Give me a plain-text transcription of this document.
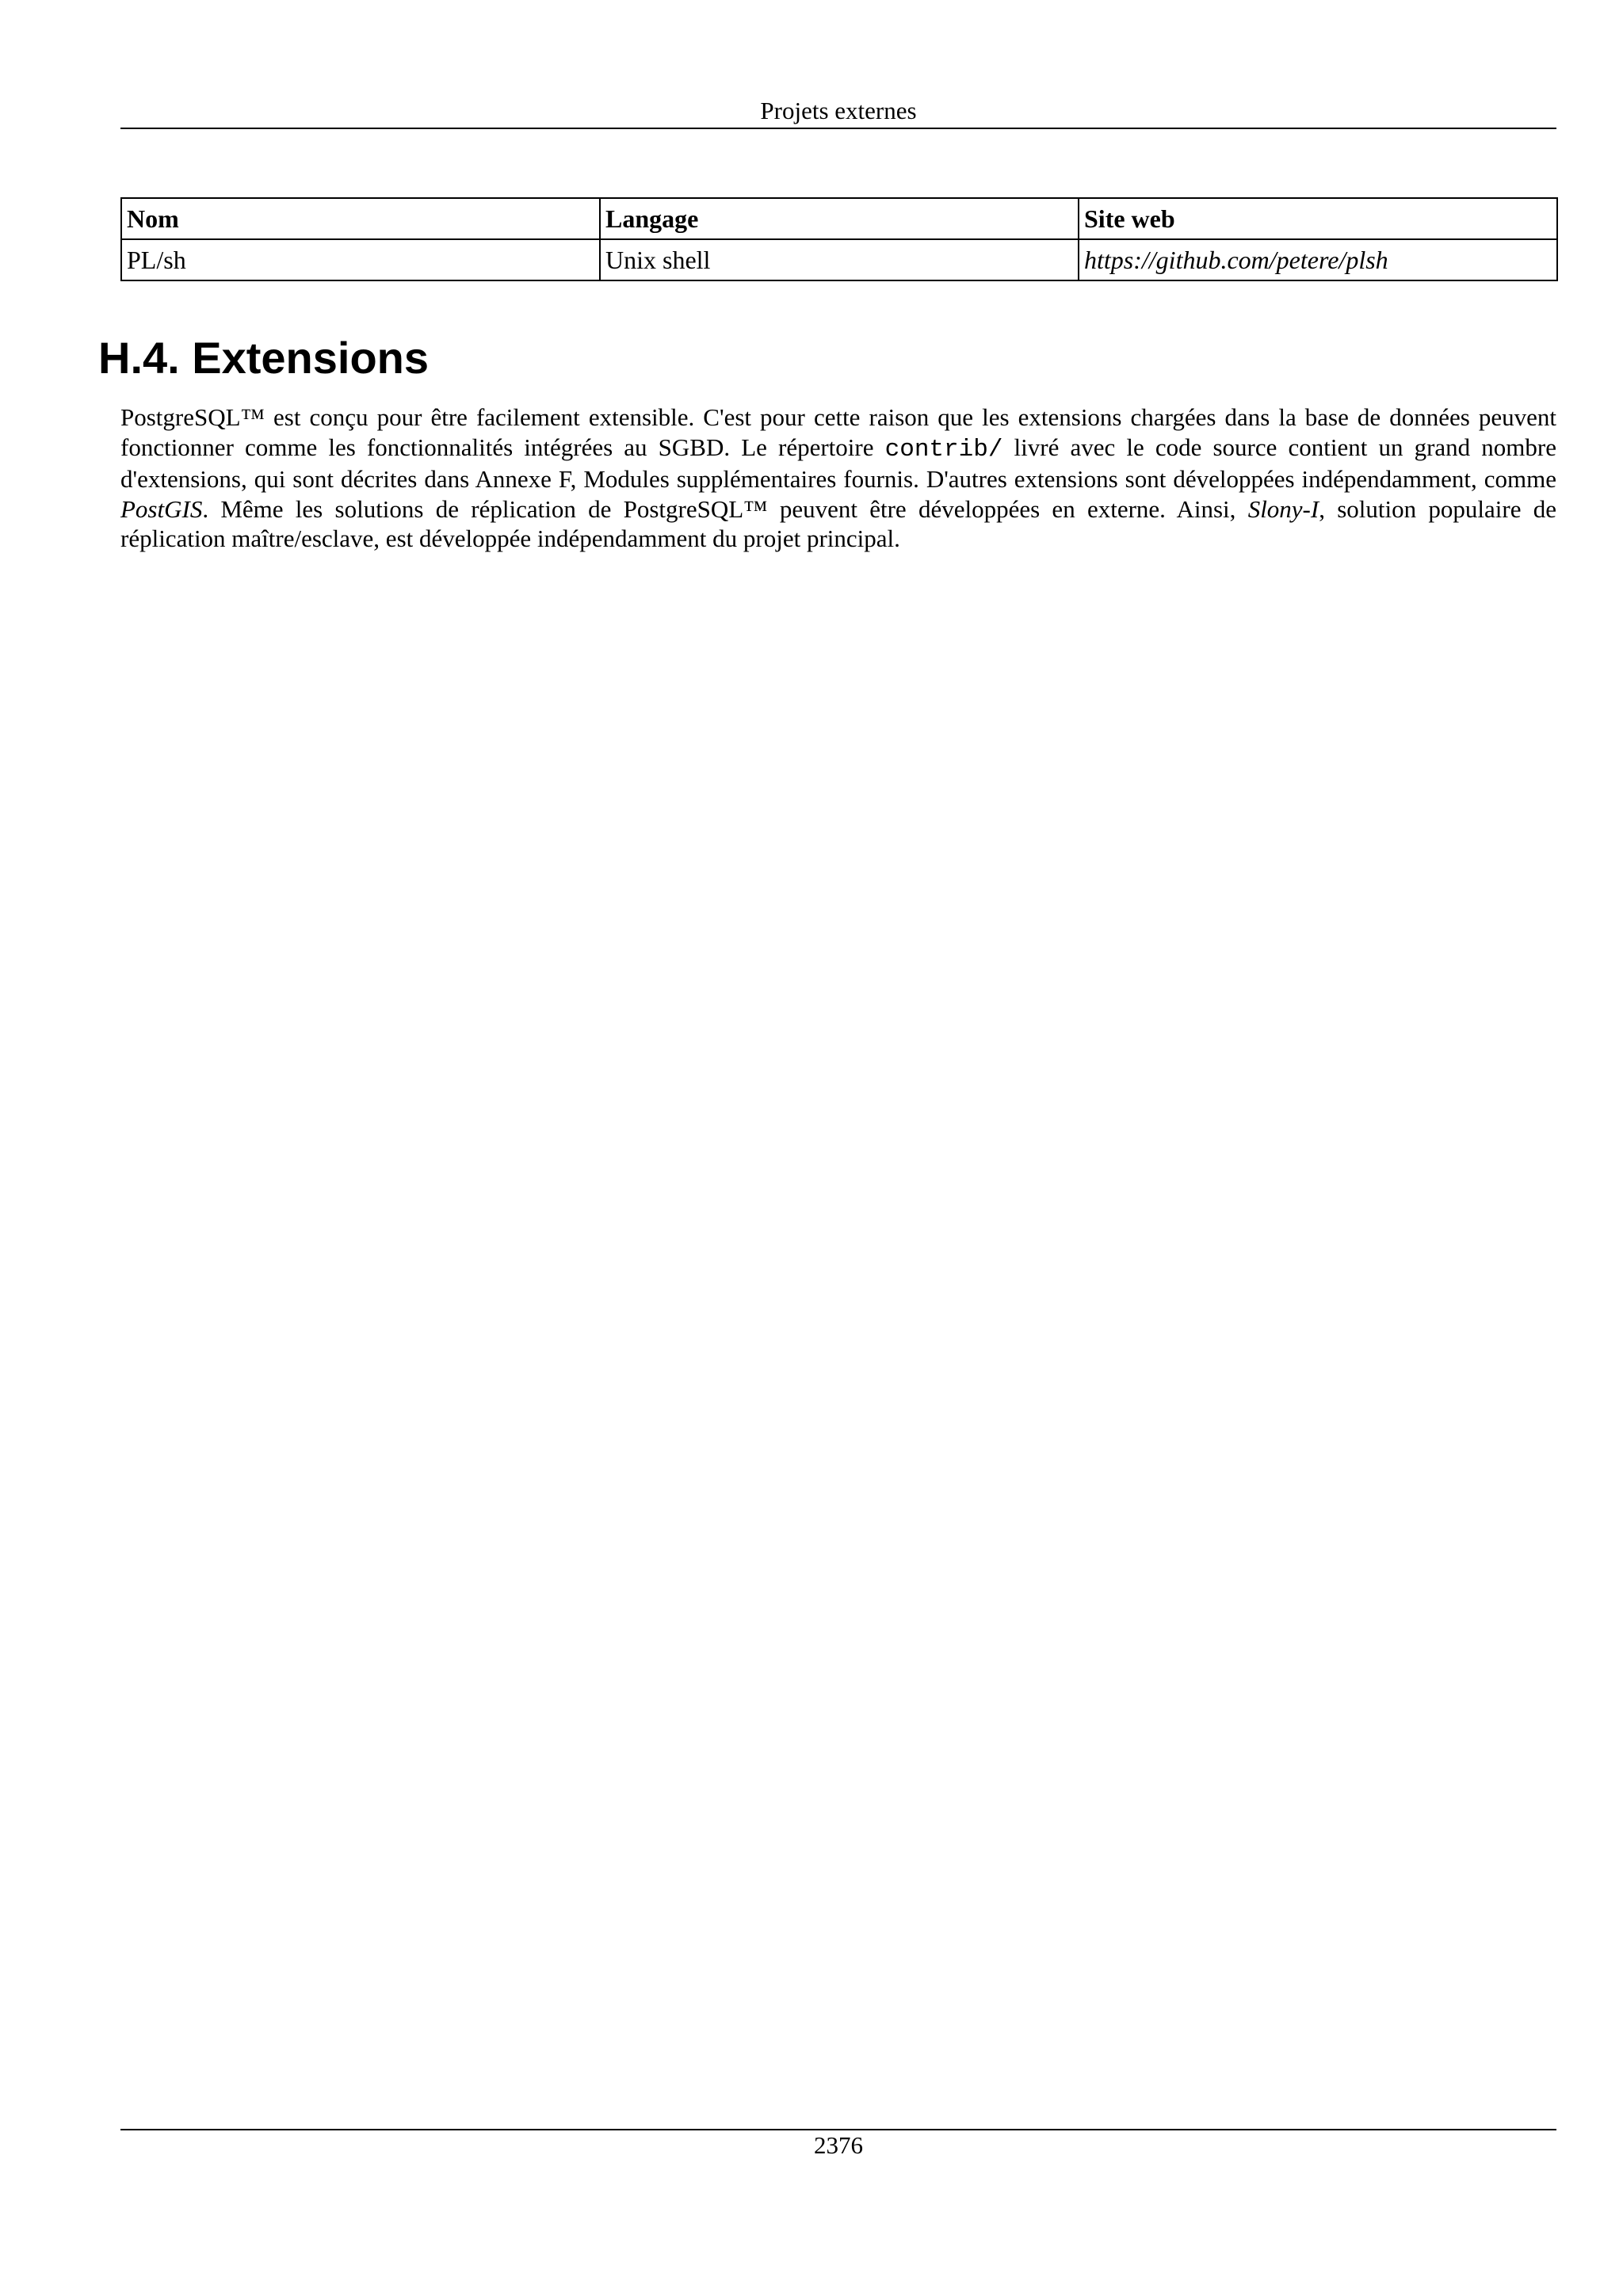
Projets externes
Nom	Langage	Site web
PL/sh	Unix shell	https://github.com/petere/plsh
H.4. Extensions

PostgreSQL™ est conçu pour être facilement extensible. C'est pour cette raison que les extensions chargées dans la base de données peuvent fonctionner comme les fonctionnalités intégrées au SGBD. Le répertoire contrib/ livré avec le code source contient un grand nombre d'extensions, qui sont décrites dans Annexe F, Modules supplémentaires fournis. D'autres extensions sont développées indépendamment, comme PostGIS. Même les solutions de réplication de PostgreSQL™ peuvent être développées en externe. Ainsi, Slony-I, solution populaire de réplication maître/esclave, est développée indépendamment du projet principal.

2376
